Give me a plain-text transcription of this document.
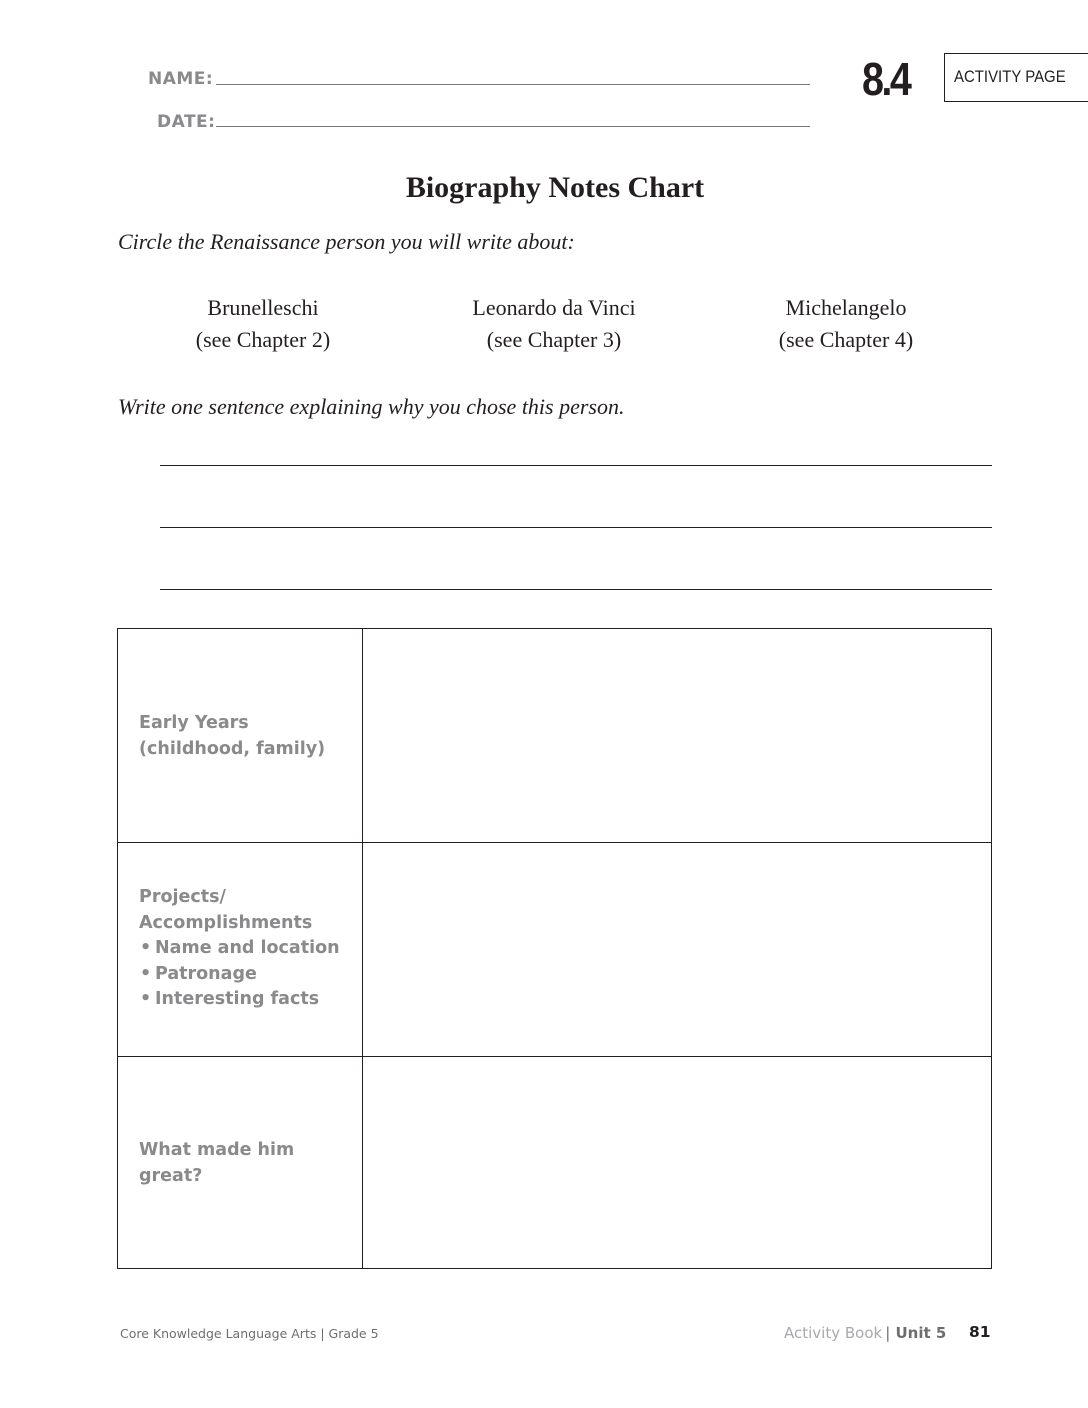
NAME:
DATE:
8.4	ACTIVITY PAGE
Biography Notes Chart
Circle the Renaissance person you will write about:
Brunelleschi
(see Chapter 2)
Leonardo da Vinci
(see Chapter 3)
Michelangelo
(see Chapter 4)
Write one sentence explaining why you chose this person.
Early Years
(childhood, family)
Projects/
Accomplishments
• Name and location
• Patronage
• Interesting facts
What made him
great?
Core Knowledge Language Arts | Grade 5	Activity Book | Unit 5 81
